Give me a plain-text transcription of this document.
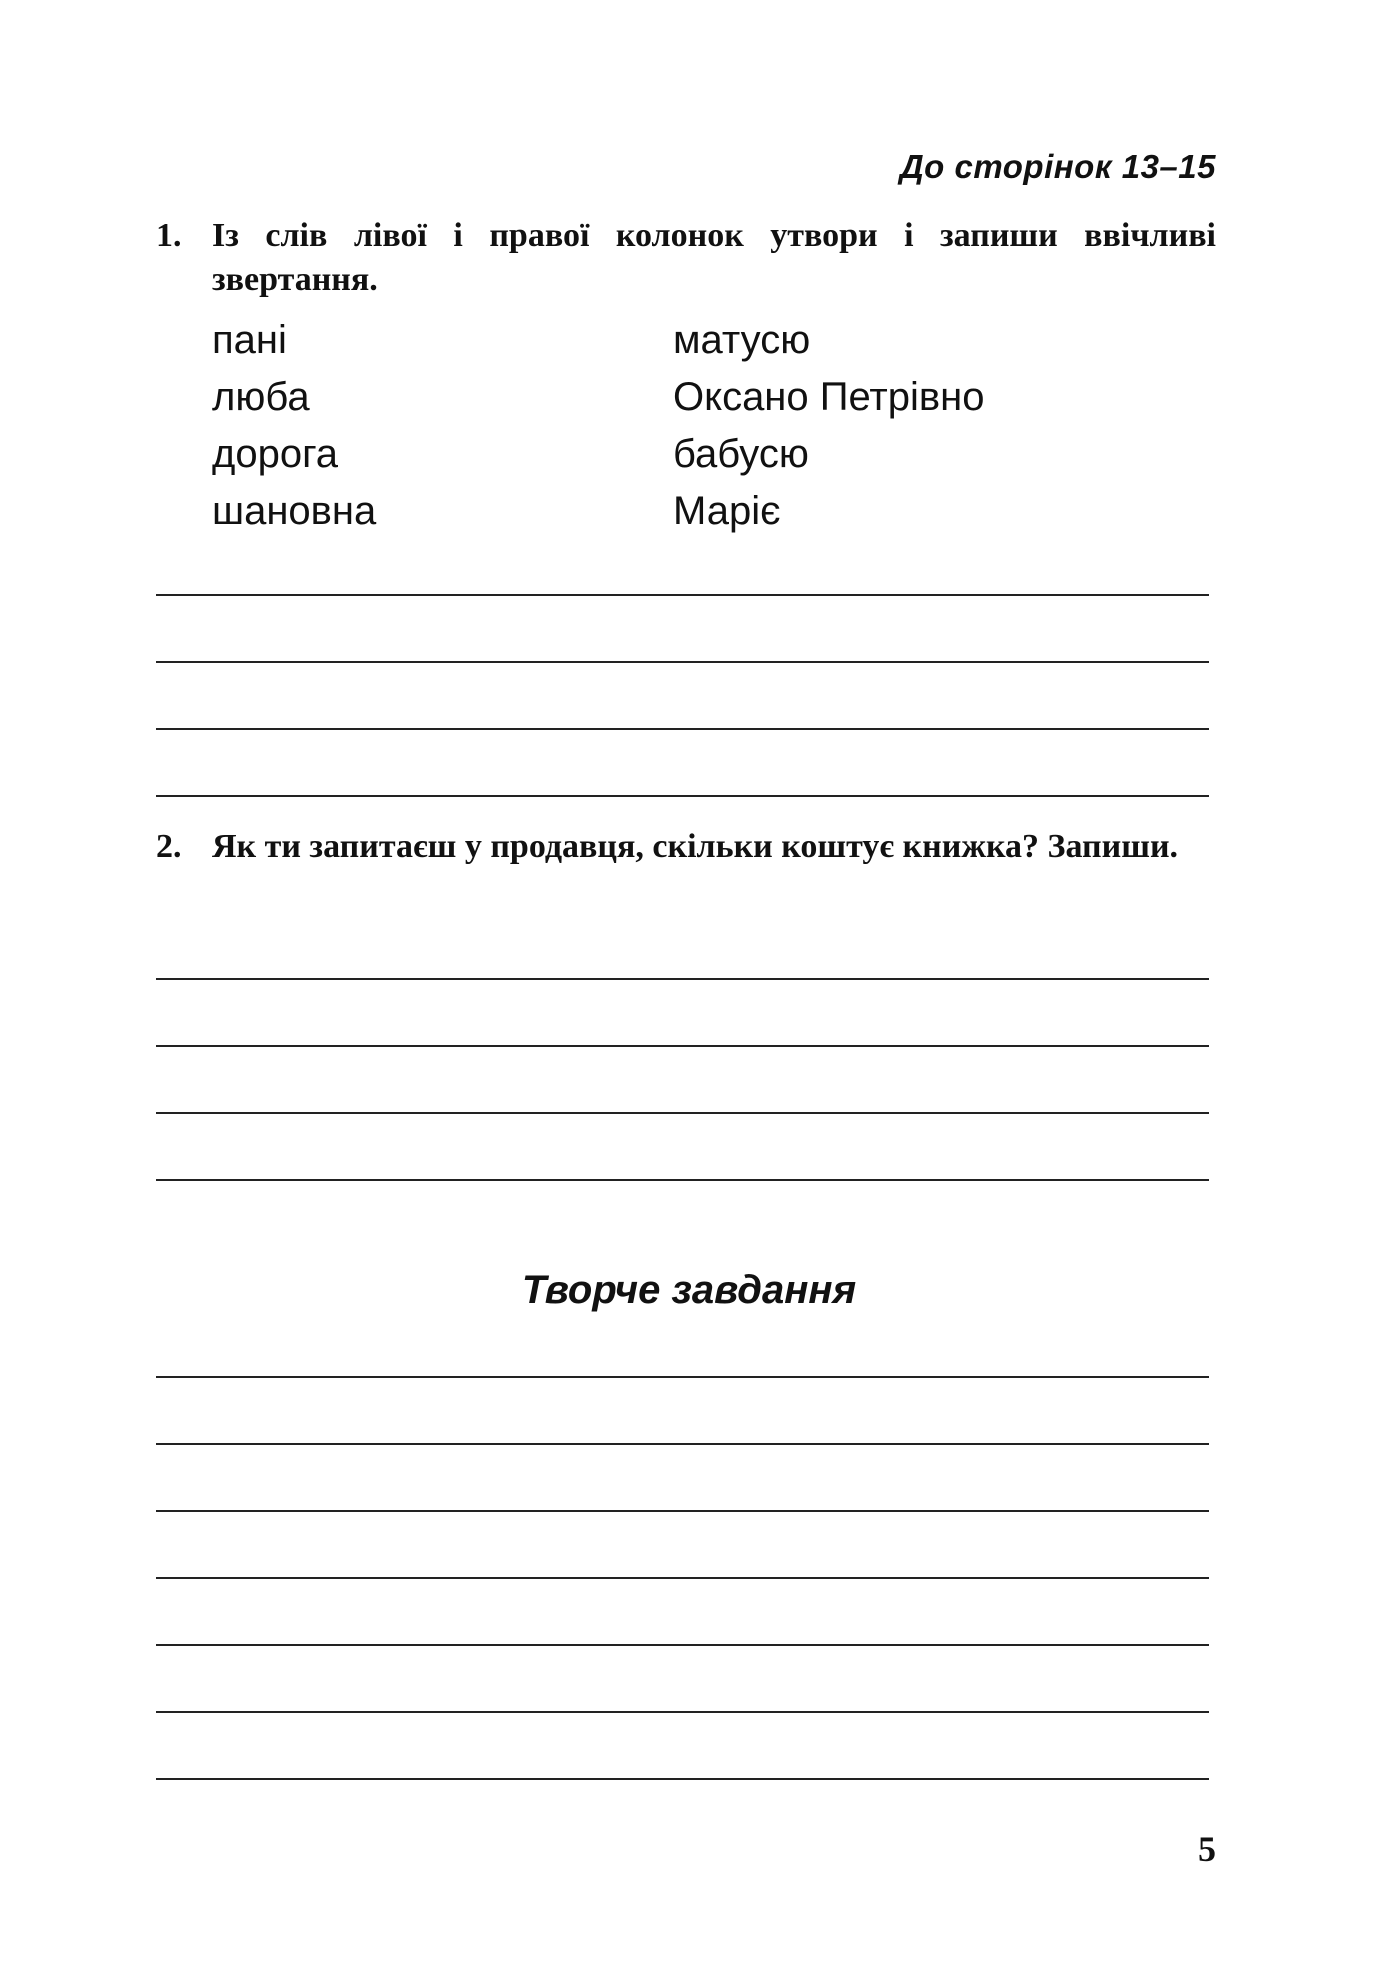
До сторінок 13–15
1. Із слів лівої і правої колонок утвори і запиши ввічливі звертання.
пані
люба
дорога
шановна
матусю
Оксано Петрівно
бабусю
Маріє
2. Як ти запитаєш у продавця, скільки коштує книжка? Запиши.
Творче завдання
5
